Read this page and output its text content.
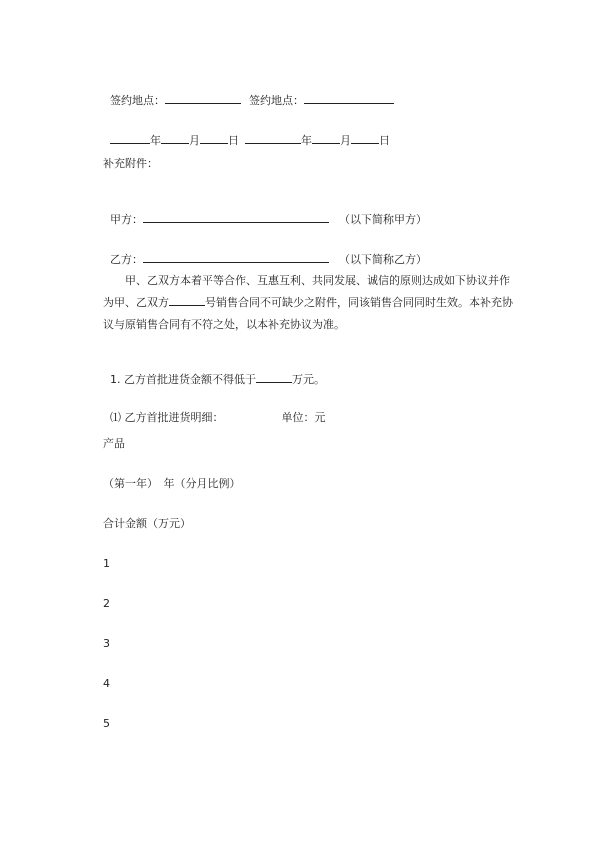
签约地点：	签约地点：

年	月	日	年	月	日

补充附件：

甲方：	（以下简称甲方）

乙方：	（以下简称乙方）

甲、乙双方本着平等合作、互惠互利、共同发展、诚信的原则达成如下协议并作
为甲、乙双方	号销售合同不可缺少之附件，同该销售合同同时生效。本补充协
议与原销售合同有不符之处，以本补充协议为准。

1. 乙方首批进货金额不得低于	万元。

⑴ 乙方首批进货明细：	单位：元

产品
（第一年）　年（分月比例）
合计金额（万元）
1
2
3
4
5
